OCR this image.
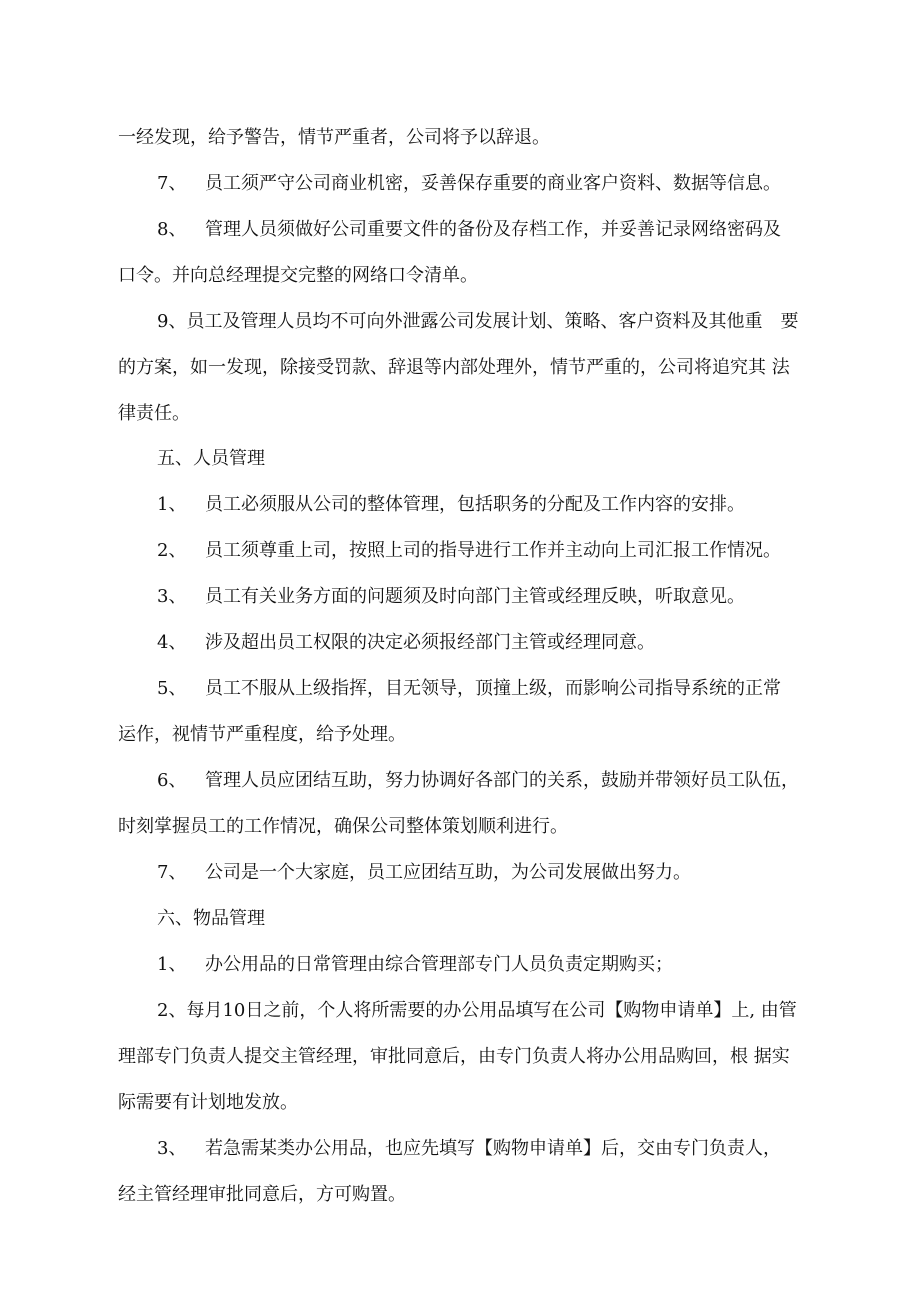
一经发现，给予警告，情节严重者，公司将予以辞退。
7、 员工须严守公司商业机密，妥善保存重要的商业客户资料、数据等信息。
8、 管理人员须做好公司重要文件的备份及存档工作，并妥善记录网络密码及
口令。并向总经理提交完整的网络口令清单。
9、员工及管理人员均不可向外泄露公司发展计划、策略、客户资料及其他重　要
的方案，如一发现，除接受罚款、辞退等内部处理外，情节严重的，公司将追究其 法
律责任。
五、人员管理
1、 员工必须服从公司的整体管理，包括职务的分配及工作内容的安排。
2、 员工须尊重上司，按照上司的指导进行工作并主动向上司汇报工作情况。
3、 员工有关业务方面的问题须及时向部门主管或经理反映，听取意见。
4、 涉及超出员工权限的决定必须报经部门主管或经理同意。
5、 员工不服从上级指挥，目无领导，顶撞上级，而影响公司指导系统的正常
运作，视情节严重程度，给予处理。
6、 管理人员应团结互助，努力协调好各部门的关系，鼓励并带领好员工队伍，
时刻掌握员工的工作情况，确保公司整体策划顺利进行。
7、 公司是一个大家庭，员工应团结互助，为公司发展做出努力。
六、物品管理
1、 办公用品的日常管理由综合管理部专门人员负责定期购买；
2、每月10日之前，个人将所需要的办公用品填写在公司【购物申请单】上, 由管
理部专门负责人提交主管经理，审批同意后，由专门负责人将办公用品购回，根 据实
际需要有计划地发放。
3、 若急需某类办公用品，也应先填写【购物申请单】后，交由专门负责人，
经主管经理审批同意后，方可购置。
